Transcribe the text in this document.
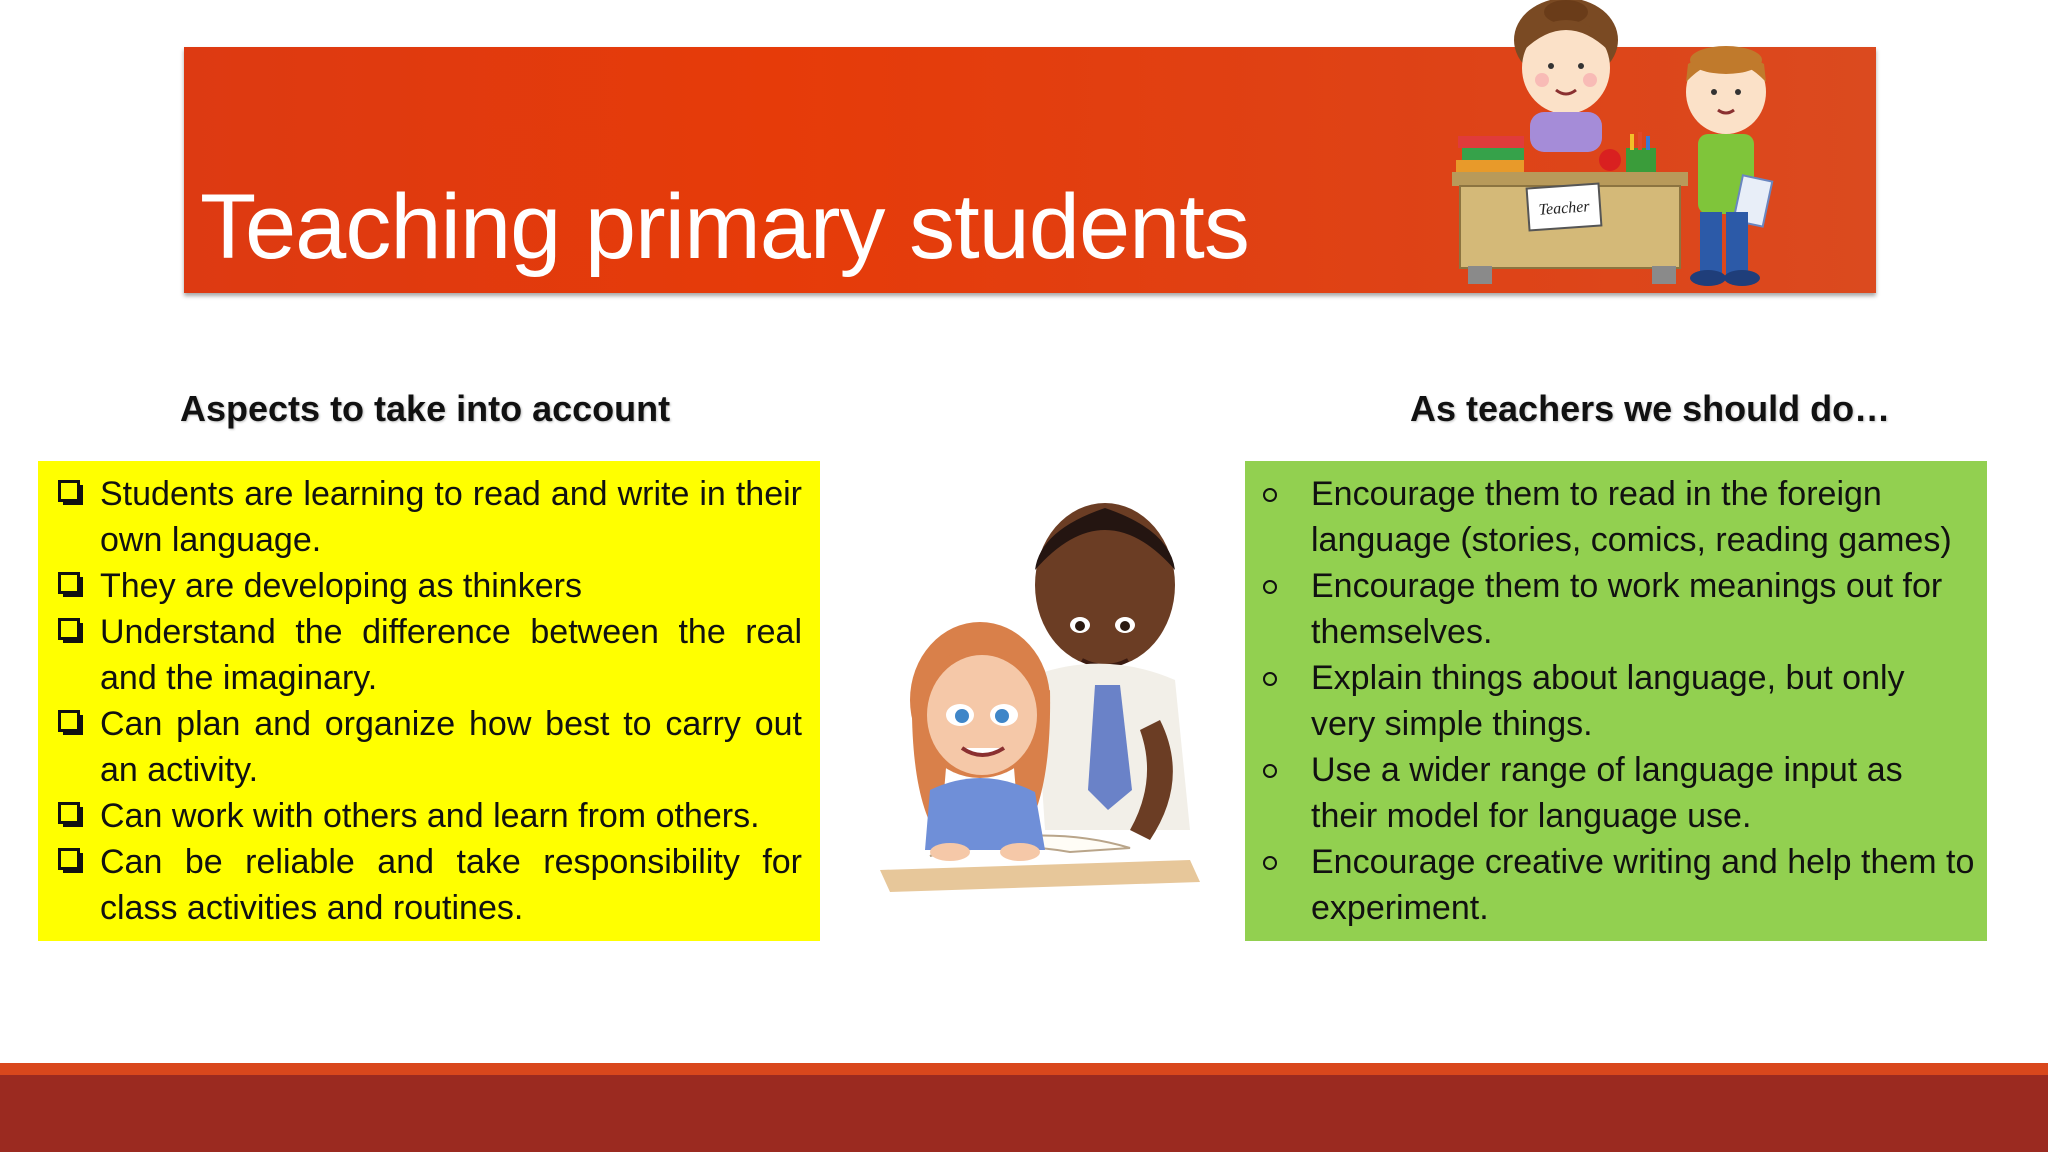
Teaching primary students	Teacher
Aspects to take into account	As teachers we should do…
Students are learning to read and write in their own language.
They are developing as thinkers
Understand the difference between the real and the imaginary.
Can plan and organize how best to carry out an activity.
Can work with others and learn from others.
Can be reliable and take responsibility for class activities and routines.
Encourage them to read in the foreign language (stories, comics, reading games)
Encourage them to work meanings out for themselves.
Explain things about language, but only very simple things.
Use a wider range of language input as their model for language use.
Encourage creative writing and help them to experiment.
